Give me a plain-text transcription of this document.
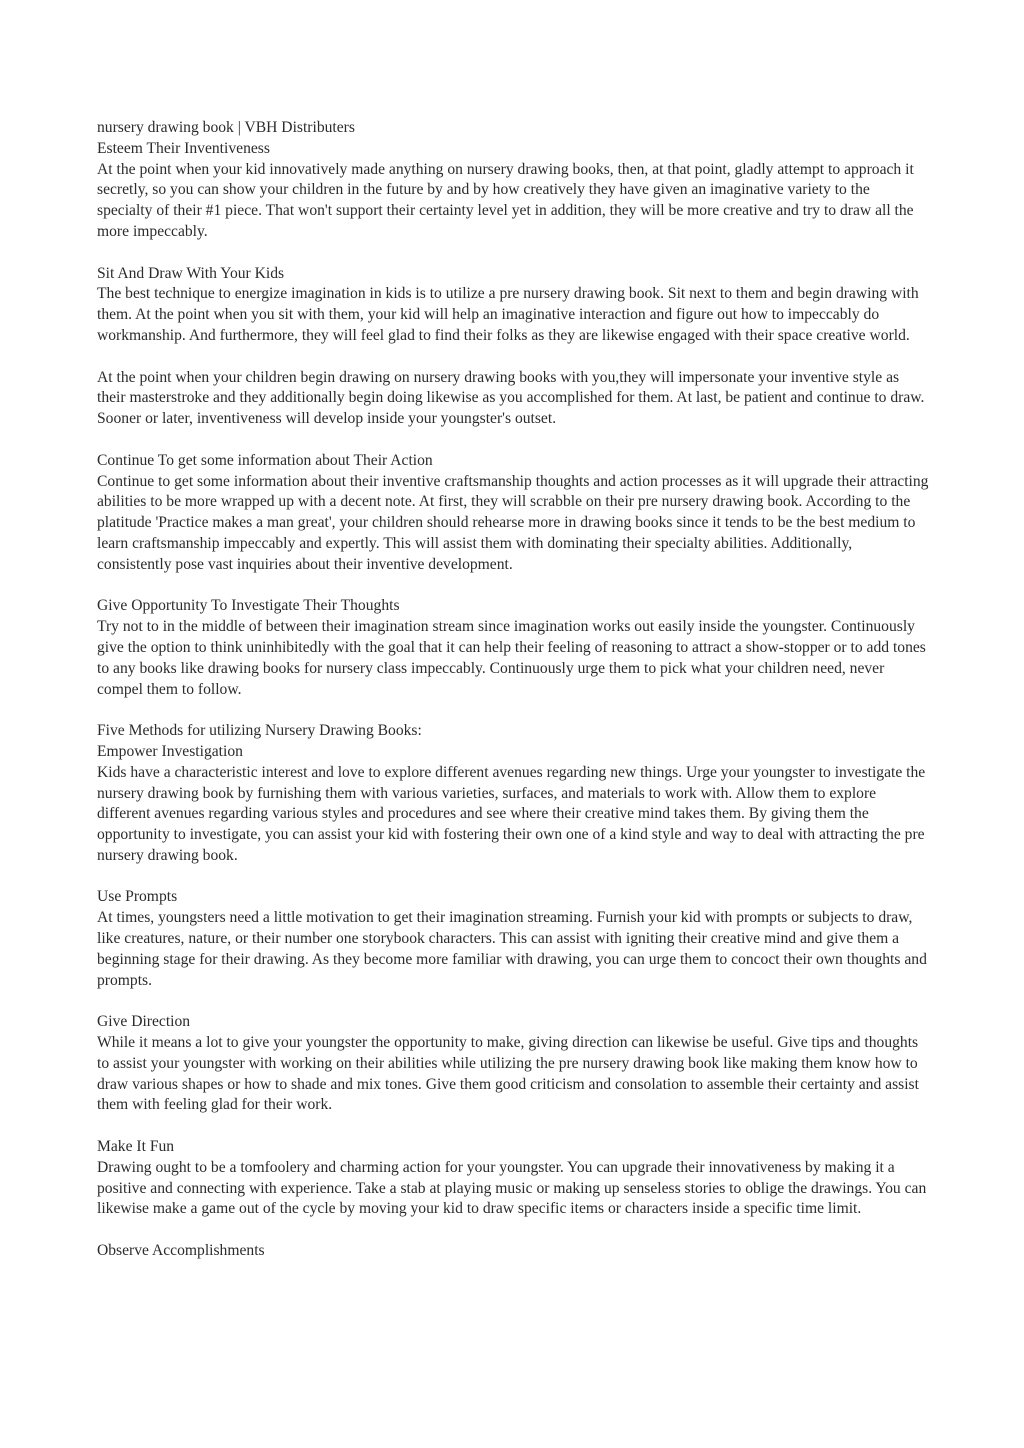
nursery drawing book | VBH Distributers
Esteem Their Inventiveness
At the point when your kid innovatively made anything on nursery drawing books, then, at that point, gladly attempt to approach it secretly, so you can show your children in the future by and by how creatively they have given an imaginative variety to the specialty of their #1 piece. That won't support their certainty level yet in addition, they will be more creative and try to draw all the more impeccably.
Sit And Draw With Your Kids
The best technique to energize imagination in kids is to utilize a pre nursery drawing book. Sit next to them and begin drawing with them. At the point when you sit with them, your kid will help an imaginative interaction and figure out how to impeccably do workmanship. And furthermore, they will feel glad to find their folks as they are likewise engaged with their space creative world.
At the point when your children begin drawing on nursery drawing books with you,they will impersonate your inventive style as their masterstroke and they additionally begin doing likewise as you accomplished for them. At last, be patient and continue to draw. Sooner or later, inventiveness will develop inside your youngster's outset.
Continue To get some information about Their Action
Continue to get some information about their inventive craftsmanship thoughts and action processes as it will upgrade their attracting abilities to be more wrapped up with a decent note. At first, they will scrabble on their pre nursery drawing book. According to the platitude 'Practice makes a man great', your children should rehearse more in drawing books since it tends to be the best medium to learn craftsmanship impeccably and expertly. This will assist them with dominating their specialty abilities. Additionally, consistently pose vast inquiries about their inventive development.
Give Opportunity To Investigate Their Thoughts
Try not to in the middle of between their imagination stream since imagination works out easily inside the youngster. Continuously give the option to think uninhibitedly with the goal that it can help their feeling of reasoning to attract a show-stopper or to add tones to any books like drawing books for nursery class impeccably. Continuously urge them to pick what your children need, never compel them to follow.
Five Methods for utilizing Nursery Drawing Books:
Empower Investigation
Kids have a characteristic interest and love to explore different avenues regarding new things. Urge your youngster to investigate the nursery drawing book by furnishing them with various varieties, surfaces, and materials to work with. Allow them to explore different avenues regarding various styles and procedures and see where their creative mind takes them. By giving them the opportunity to investigate, you can assist your kid with fostering their own one of a kind style and way to deal with attracting the pre nursery drawing book.
Use Prompts
At times, youngsters need a little motivation to get their imagination streaming. Furnish your kid with prompts or subjects to draw, like creatures, nature, or their number one storybook characters. This can assist with igniting their creative mind and give them a beginning stage for their drawing. As they become more familiar with drawing, you can urge them to concoct their own thoughts and prompts.
Give Direction
While it means a lot to give your youngster the opportunity to make, giving direction can likewise be useful. Give tips and thoughts to assist your youngster with working on their abilities while utilizing the pre nursery drawing book like making them know how to draw various shapes or how to shade and mix tones. Give them good criticism and consolation to assemble their certainty and assist them with feeling glad for their work.
Make It Fun
Drawing ought to be a tomfoolery and charming action for your youngster. You can upgrade their innovativeness by making it a positive and connecting with experience. Take a stab at playing music or making up senseless stories to oblige the drawings. You can likewise make a game out of the cycle by moving your kid to draw specific items or characters inside a specific time limit.
Observe Accomplishments
